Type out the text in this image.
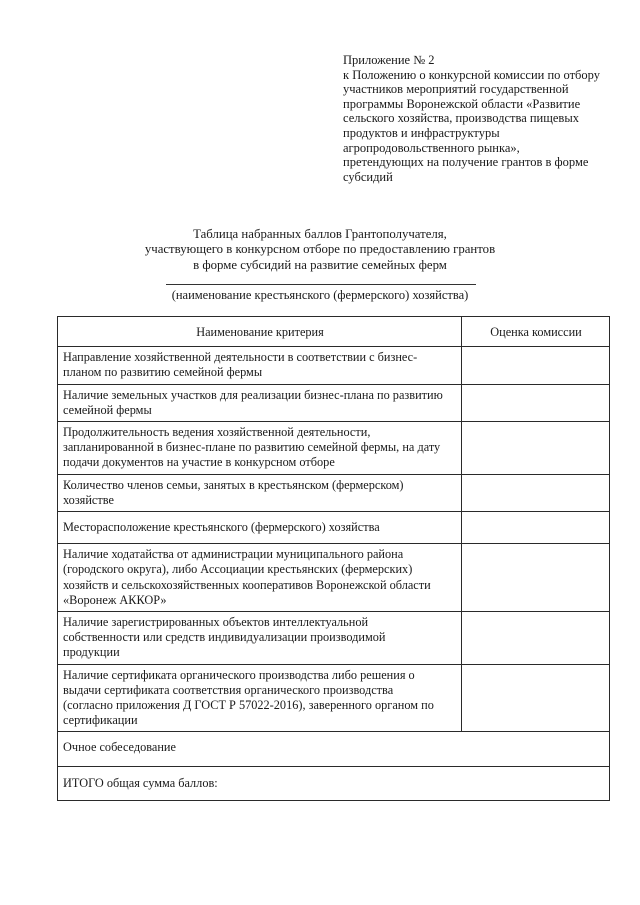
Приложение № 2
к Положению о конкурсной комиссии по отбору
участников мероприятий государственной
программы Воронежской области «Развитие
сельского хозяйства, производства пищевых
продуктов и инфраструктуры
агропродовольственного рынка»,
претендующих на получение грантов в форме
субсидий
Таблица набранных баллов Грантополучателя,
участвующего в конкурсном отборе по предоставлению грантов
в форме субсидий на развитие семейных ферм
(наименование крестьянского (фермерского) хозяйства)
Наименование критерия	Оценка комиссии

Направление хозяйственной деятельности в соответствии с бизнес-
планом по развитию семейной фермы	

Наличие земельных участков для реализации бизнес-плана по развитию
семейной фермы	

Продолжительность ведения хозяйственной деятельности,
запланированной в бизнес-плане по развитию семейной фермы, на дату
подачи документов на участие в конкурсном отборе	

Количество членов семьи, занятых в крестьянском (фермерском)
хозяйстве	

Месторасположение крестьянского (фермерского) хозяйства	

Наличие ходатайства от администрации муниципального района
(городского округа), либо Ассоциации крестьянских (фермерских)
хозяйств и сельскохозяйственных кооперативов Воронежской области
«Воронеж АККОР»	

Наличие зарегистрированных объектов интеллектуальной
собственности или средств индивидуализации производимой
продукции	

Наличие сертификата органического производства либо решения о
выдачи сертификата соответствия органического производства
(согласно приложения Д ГОСТ Р 57022-2016), заверенного органом по
сертификации	

Очное собеседование	

ИТОГО общая сумма баллов:	
